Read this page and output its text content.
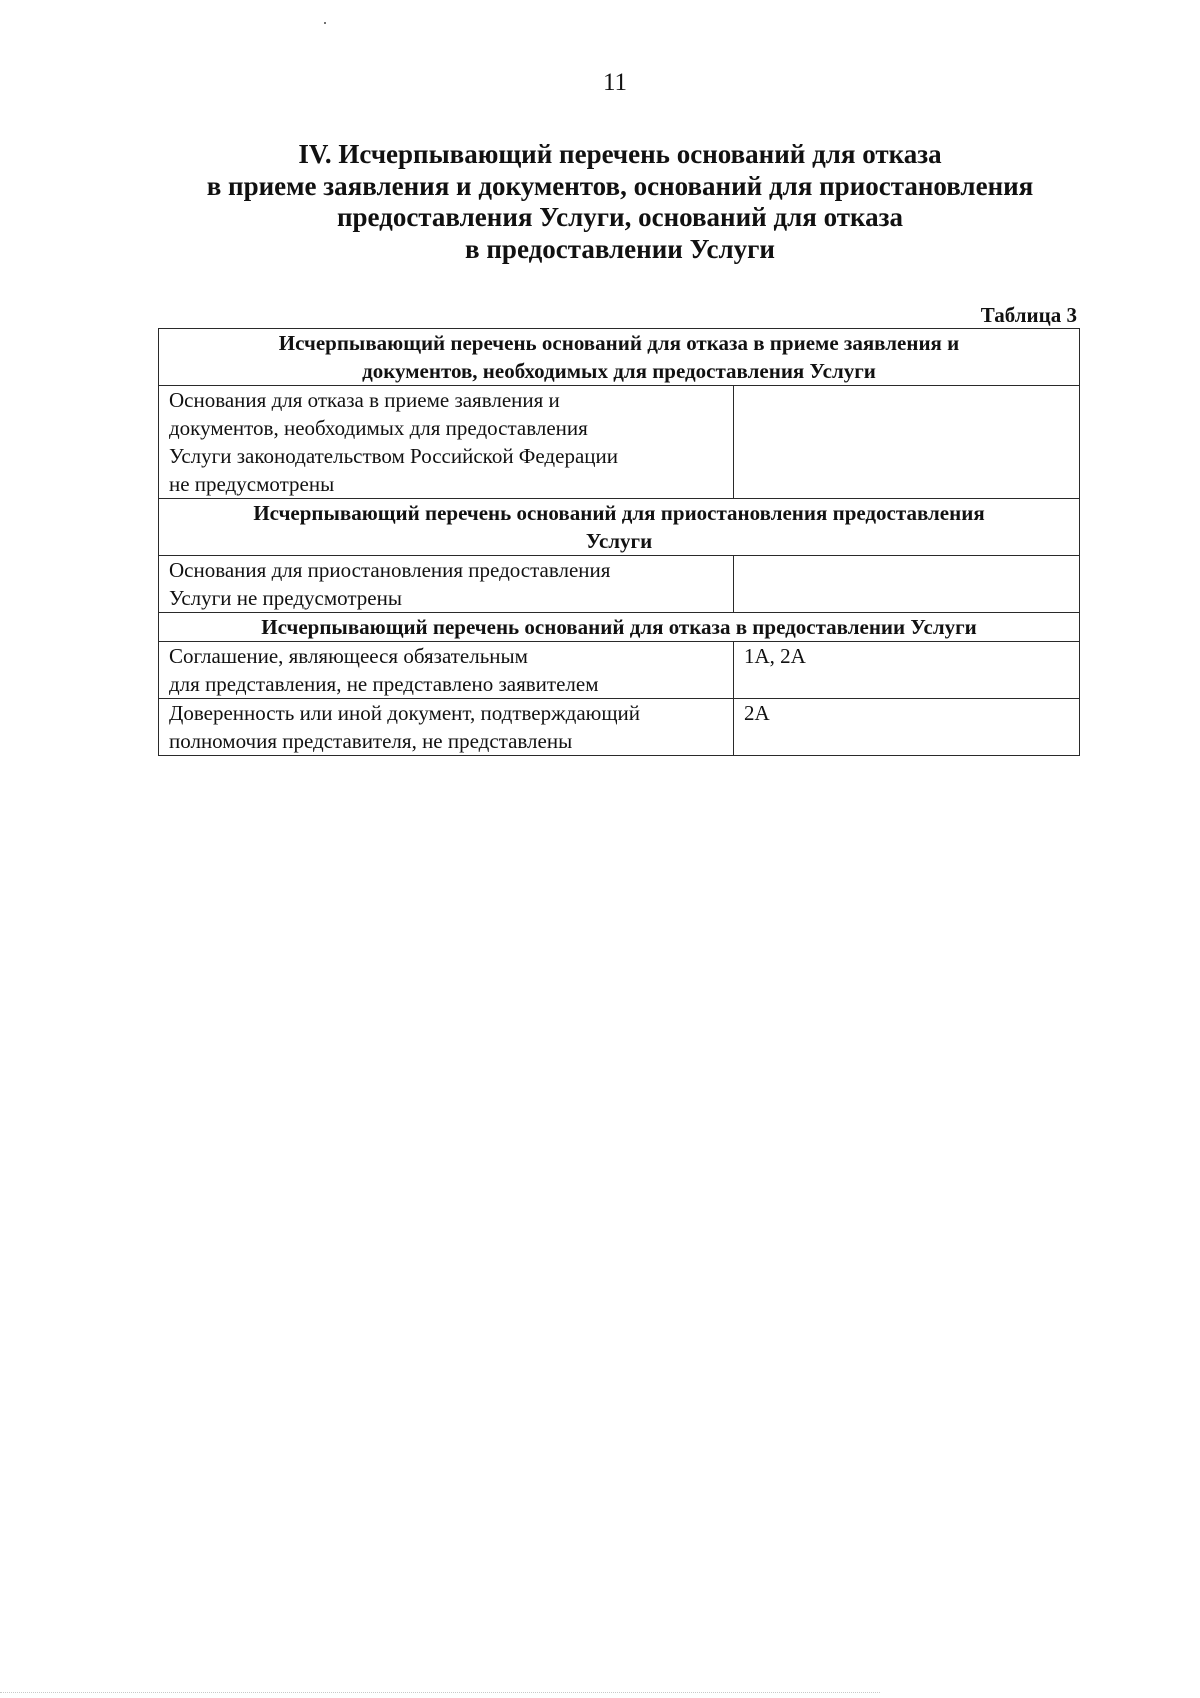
11
IV. Исчерпывающий перечень оснований для отказа
в приеме заявления и документов, оснований для приостановления
предоставления Услуги, оснований для отказа
в предоставлении Услуги
Таблица 3
Исчерпывающий перечень оснований для отказа в приеме заявления и
документов, необходимых для предоставления Услуги	

Основания для отказа в приеме заявления и
документов, необходимых для предоставления
Услуги законодательством Российской Федерации
не предусмотрены	

Исчерпывающий перечень оснований для приостановления предоставления
Услуги	

Основания для приостановления предоставления
Услуги не предусмотрены	

Исчерпывающий перечень оснований для отказа в предоставлении Услуги	

Соглашение, являющееся обязательным
для представления, не представлено заявителем	1А, 2А

Доверенность или иной документ, подтверждающий
полномочия представителя, не представлены	2А
